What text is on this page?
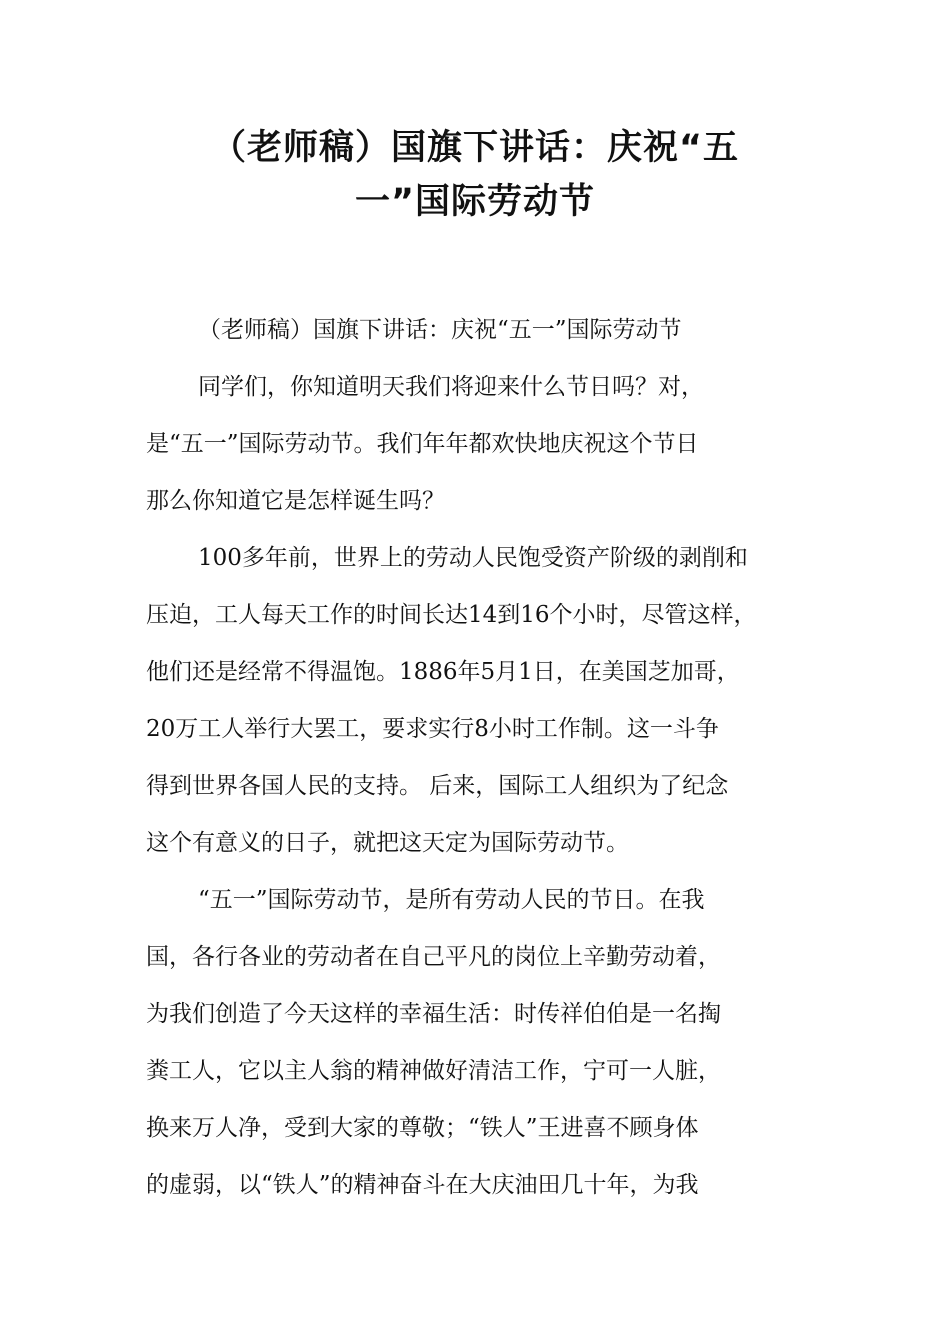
（老师稿）国旗下讲话：庆祝“五
一”国际劳动节

（老师稿）国旗下讲话：庆祝“五一”国际劳动节

同学们，你知道明天我们将迎来什么节日吗？对，

是“五一”国际劳动节。我们年年都欢快地庆祝这个节日

那么你知道它是怎样诞生吗？

100多年前，世界上的劳动人民饱受资产阶级的剥削和

压迫，工人每天工作的时间长达14到16个小时，尽管这样，

他们还是经常不得温饱。1886年5月1日，在美国芝加哥，

20万工人举行大罢工，要求实行8小时工作制。这一斗争

得到世界各国人民的支持。 后来，国际工人组织为了纪念

这个有意义的日子，就把这天定为国际劳动节。

“五一”国际劳动节，是所有劳动人民的节日。在我

国，各行各业的劳动者在自己平凡的岗位上辛勤劳动着，

为我们创造了今天这样的幸福生活：时传祥伯伯是一名掏

粪工人，它以主人翁的精神做好清洁工作，宁可一人脏，

换来万人净，受到大家的尊敬；“铁人”王进喜不顾身体

的虚弱，以“铁人”的精神奋斗在大庆油田几十年，为我
